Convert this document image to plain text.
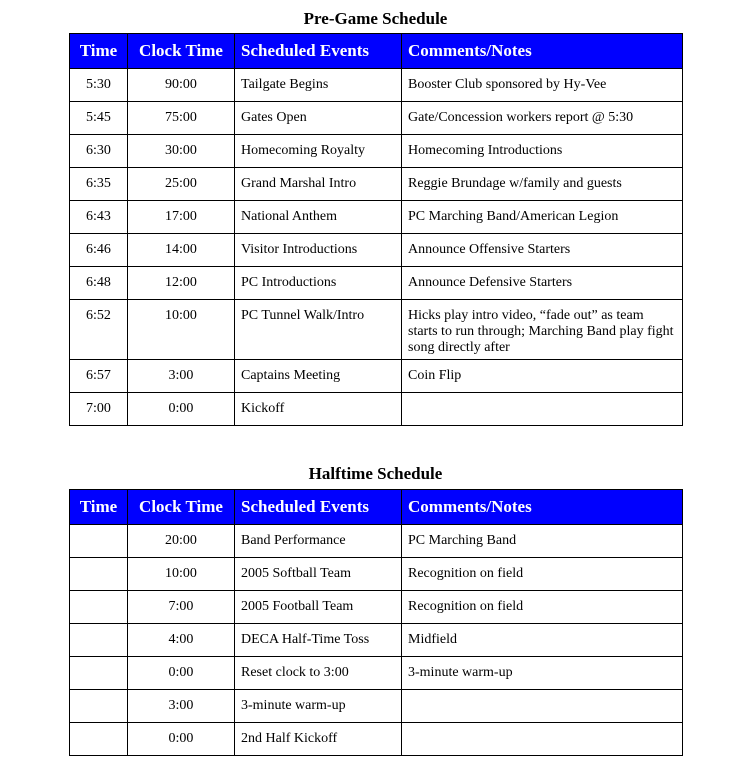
Pre-Game Schedule
Time	Clock Time	Scheduled Events	Comments/Notes
5:30	90:00	Tailgate Begins	Booster Club sponsored by Hy-Vee
5:45	75:00	Gates Open	Gate/Concession workers report @ 5:30
6:30	30:00	Homecoming Royalty	Homecoming Introductions
6:35	25:00	Grand Marshal Intro	Reggie Brundage w/family and guests
6:43	17:00	National Anthem	PC Marching Band/American Legion
6:46	14:00	Visitor Introductions	Announce Offensive Starters
6:48	12:00	PC Introductions	Announce Defensive Starters
6:52	10:00	PC Tunnel Walk/Intro	Hicks play intro video, “fade out” as team starts to run through; Marching Band play fight song directly after
6:57	3:00	Captains Meeting	Coin Flip
7:00	0:00	Kickoff	
Halftime Schedule
Time	Clock Time	Scheduled Events	Comments/Notes
	20:00	Band Performance	PC Marching Band
	10:00	2005 Softball Team	Recognition on field
	7:00	2005 Football Team	Recognition on field
	4:00	DECA Half-Time Toss	Midfield
	0:00	Reset clock to 3:00	3-minute warm-up
	3:00	3-minute warm-up	
	0:00	2nd Half Kickoff	
